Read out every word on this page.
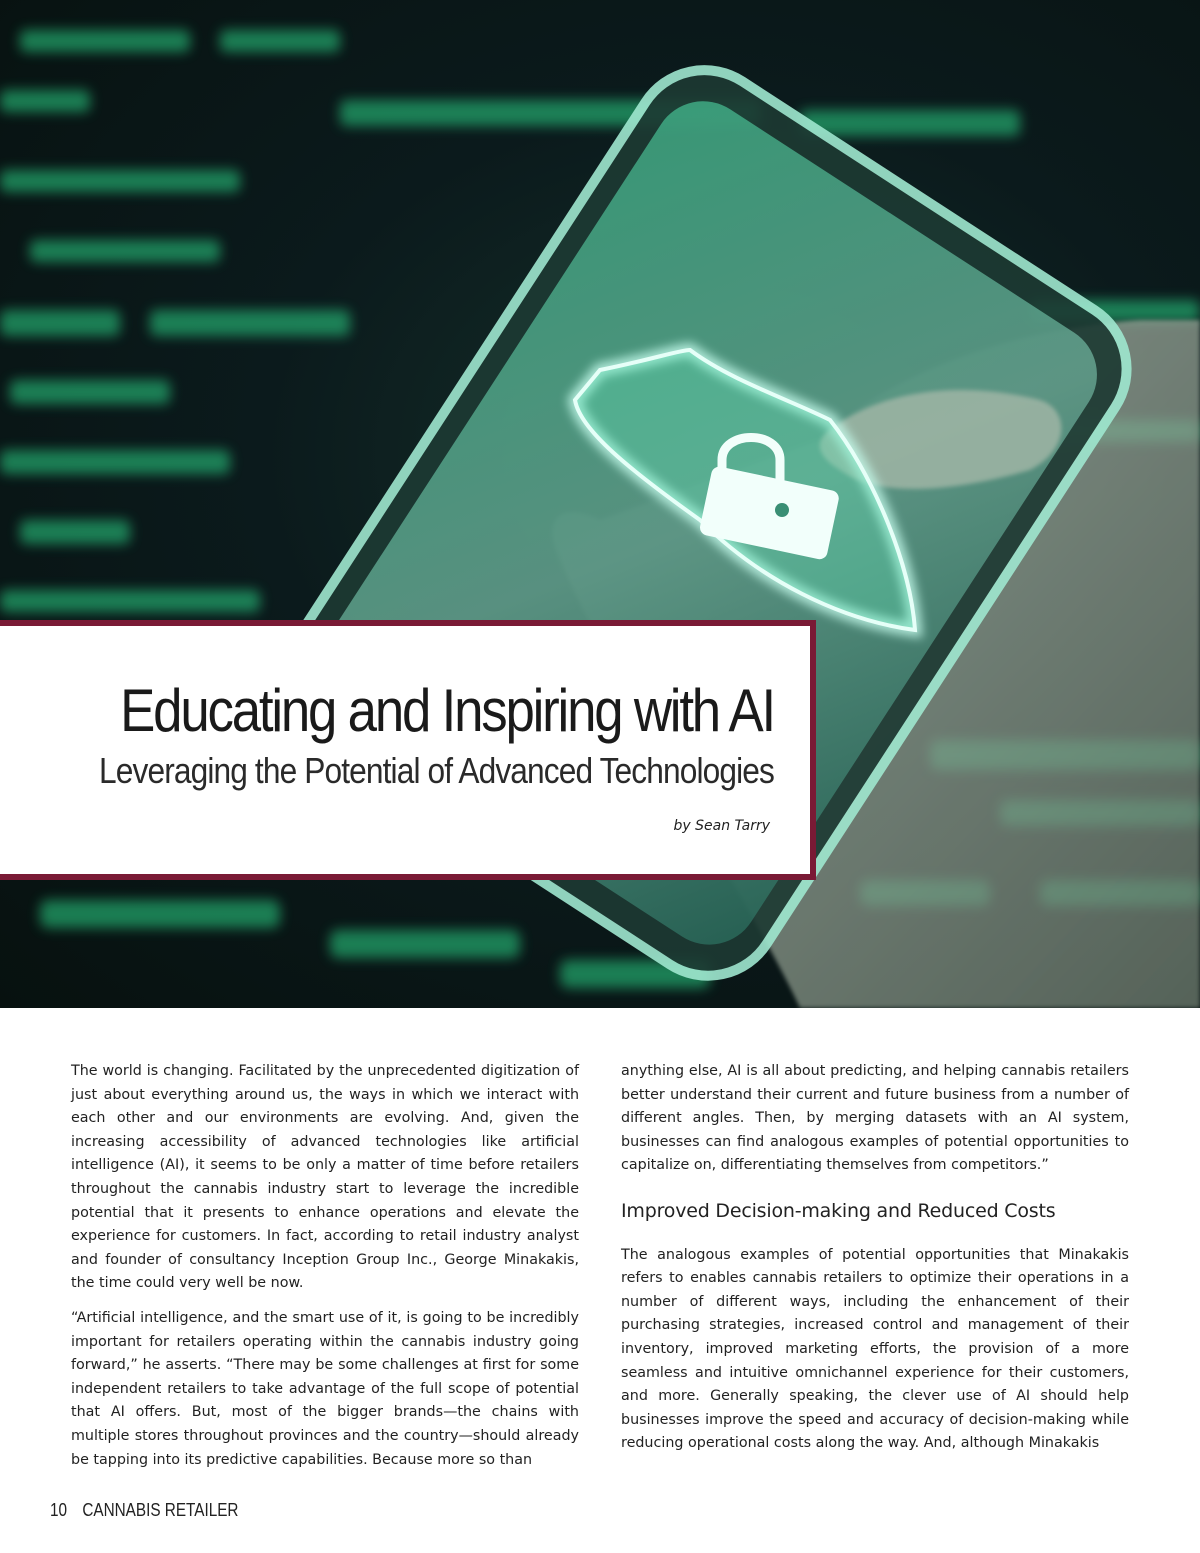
Educating and Inspiring with AI
Leveraging the Potential of Advanced Technologies
by Sean Tarry

The world is changing. Facilitated by the unprecedented digitization of just about everything around us, the ways in which we interact with each other and our environments are evolving. And, given the increasing accessibility of advanced technologies like artificial intelligence (AI), it seems to be only a matter of time before retailers throughout the cannabis industry start to leverage the incredible potential that it presents to enhance operations and elevate the experience for customers. In fact, according to retail industry analyst and founder of consultancy Inception Group Inc., George Minakakis, the time could very well be now.

“Artificial intelligence, and the smart use of it, is going to be incredibly important for retailers operating within the cannabis industry going forward,” he asserts. “There may be some challenges at first for some independent retailers to take advantage of the full scope of potential that AI offers. But, most of the bigger brands—the chains with multiple stores throughout provinces and the country—should already be tapping into its predictive capabilities. Because more so than

anything else, AI is all about predicting, and helping cannabis retailers better understand their current and future business from a number of different angles. Then, by merging datasets with an AI system, businesses can find analogous examples of potential opportunities to capitalize on, differentiating themselves from competitors.”

Improved Decision-making and Reduced Costs

The analogous examples of potential opportunities that Minakakis refers to enables cannabis retailers to optimize their operations in a number of different ways, including the enhancement of their purchasing strategies, increased control and management of their inventory, improved marketing efforts, the provision of a more seamless and intuitive omnichannel experience for their customers, and more. Generally speaking, the clever use of AI should help businesses improve the speed and accuracy of decision-making while reducing operational costs along the way. And, although Minakakis

10 CANNABIS RETAILER
